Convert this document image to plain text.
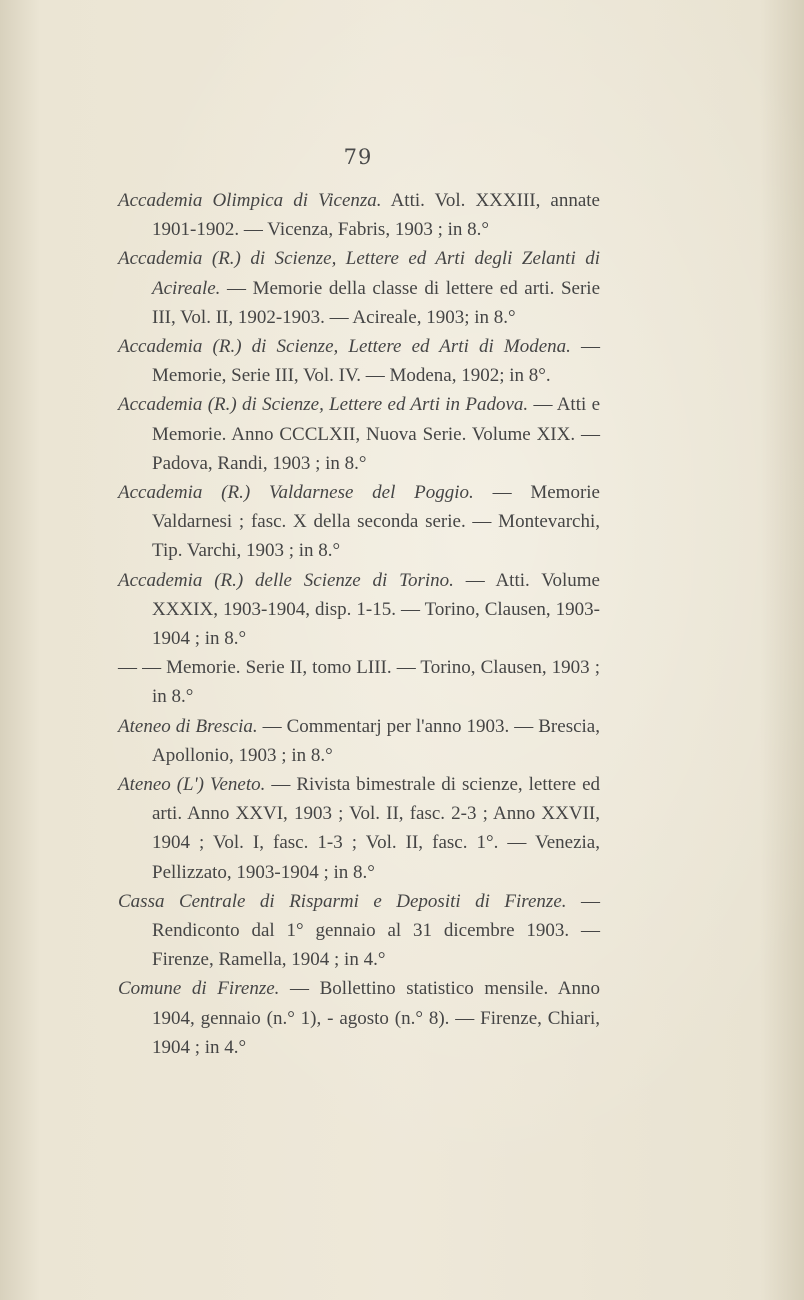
79

Accademia Olimpica di Vicenza. Atti. Vol. XXXIII, annate 1901-1902. — Vicenza, Fabris, 1903 ; in 8.°

Accademia (R.) di Scienze, Lettere ed Arti degli Zelanti di Acireale. — Memorie della classe di lettere ed arti. Serie III, Vol. II, 1902-1903. — Acireale, 1903; in 8.°

Accademia (R.) di Scienze, Lettere ed Arti di Modena. — Memorie, Serie III, Vol. IV. — Modena, 1902; in 8°.

Accademia (R.) di Scienze, Lettere ed Arti in Padova. — Atti e Memorie. Anno CCCLXII, Nuova Serie. Volume XIX. — Padova, Randi, 1903 ; in 8.°

Accademia (R.) Valdarnese del Poggio. — Memorie Valdarnesi ; fasc. X della seconda serie. — Montevarchi, Tip. Varchi, 1903 ; in 8.°

Accademia (R.) delle Scienze di Torino. — Atti. Volume XXXIX, 1903-1904, disp. 1-15. — Torino, Clausen, 1903-1904 ; in 8.°

— — Memorie. Serie II, tomo LIII. — Torino, Clausen, 1903 ; in 8.°

Ateneo di Brescia. — Commentarj per l'anno 1903. — Brescia, Apollonio, 1903 ; in 8.°

Ateneo (L') Veneto. — Rivista bimestrale di scienze, lettere ed arti. Anno XXVI, 1903 ; Vol. II, fasc. 2-3 ; Anno XXVII, 1904 ; Vol. I, fasc. 1-3 ; Vol. II, fasc. 1°. — Venezia, Pellizzato, 1903-1904 ; in 8.°

Cassa Centrale di Risparmi e Depositi di Firenze. — Rendiconto dal 1° gennaio al 31 dicembre 1903. — Firenze, Ramella, 1904 ; in 4.°

Comune di Firenze. — Bollettino statistico mensile. Anno 1904, gennaio (n.° 1), - agosto (n.° 8). — Firenze, Chiari, 1904 ; in 4.°
